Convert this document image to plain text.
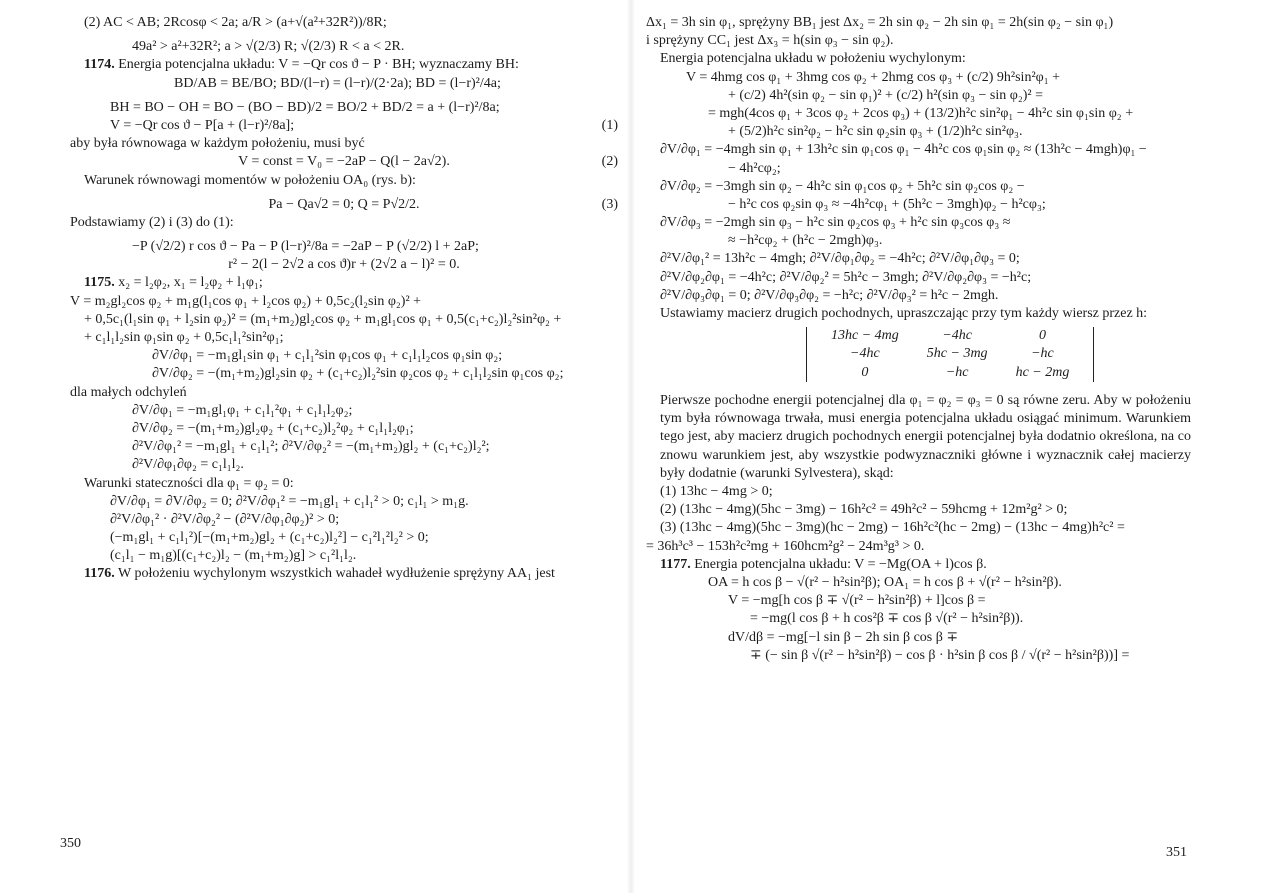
(2) AC < AB; 2Rcosφ < 2a; a/R > (a+√(a²+32R²))/8R;
49a² > a²+32R²; a > √(2/3) R; √(2/3) R < a < 2R.
1174. Energia potencjalna układu: V = −Qr cos ϑ − P · BH; wyznaczamy BH:
BD/AB = BE/BO; BD/(l−r) = (l−r)/(2·2a); BD = (l−r)²/4a;
BH = BO − OH = BO − (BO − BD)/2 = BO/2 + BD/2 = a + (l−r)²/8a;
V = −Qr cos ϑ − P[a + (l−r)²/8a];	(1)
aby była równowaga w każdym położeniu, musi być
V = const = V₀ = −2aP − Q(l − 2a√2).	(2)
Warunek równowagi momentów w położeniu OA₀ (rys. b):
Pa − Qa√2 = 0; Q = P√2/2.	(3)
Podstawiamy (2) i (3) do (1):
−P (√2/2) r cos ϑ − Pa − P (l−r)²/8a = −2aP − P (√2/2) l + 2aP;
r² − 2(l − 2√2 a cos ϑ)r + (2√2 a − l)² = 0.
1175. x₂ = l₂φ₂, x₁ = l₂φ₂ + l₁φ₁;
V = m₂gl₂cos φ₂ + m₁g(l₁cos φ₁ + l₂cos φ₂) + 0,5c₂(l₂sin φ₂)² +
+ 0,5c₁(l₁sin φ₁ + l₂sin φ₂)² = (m₁+m₂)gl₂cos φ₂ + m₁gl₁cos φ₁ + 0,5(c₁+c₂)l₂²sin²φ₂ +
+ c₁l₁l₂sin φ₁sin φ₂ + 0,5c₁l₁²sin²φ₁;
∂V/∂φ₁ = −m₁gl₁sin φ₁ + c₁l₁²sin φ₁cos φ₁ + c₁l₁l₂cos φ₁sin φ₂;
∂V/∂φ₂ = −(m₁+m₂)gl₂sin φ₂ + (c₁+c₂)l₂²sin φ₂cos φ₂ + c₁l₁l₂sin φ₁cos φ₂;
dla małych odchyleń
∂V/∂φ₁ = −m₁gl₁φ₁ + c₁l₁²φ₁ + c₁l₁l₂φ₂;
∂V/∂φ₂ = −(m₁+m₂)gl₂φ₂ + (c₁+c₂)l₂²φ₂ + c₁l₁l₂φ₁;
∂²V/∂φ₁² = −m₁gl₁ + c₁l₁²; ∂²V/∂φ₂² = −(m₁+m₂)gl₂ + (c₁+c₂)l₂²;
∂²V/∂φ₁∂φ₂ = c₁l₁l₂.
Warunki stateczności dla φ₁ = φ₂ = 0:
∂V/∂φ₁ = ∂V/∂φ₂ = 0; ∂²V/∂φ₁² = −m₁gl₁ + c₁l₁² > 0; c₁l₁ > m₁g.
∂²V/∂φ₁² · ∂²V/∂φ₂² − (∂²V/∂φ₁∂φ₂)² > 0;
(−m₁gl₁ + c₁l₁²)[−(m₁+m₂)gl₂ + (c₁+c₂)l₂²] − c₁²l₁²l₂² > 0;
(c₁l₁ − m₁g)[(c₁+c₂)l₂ − (m₁+m₂)g] > c₁²l₁l₂.
1176. W położeniu wychylonym wszystkich wahadeł wydłużenie sprężyny AA₁ jest
Δx₁ = 3h sin φ₁, sprężyny BB₁ jest Δx₂ = 2h sin φ₂ − 2h sin φ₁ = 2h(sin φ₂ − sin φ₁)
i sprężyny CC₁ jest Δx₃ = h(sin φ₃ − sin φ₂).
Energia potencjalna układu w położeniu wychylonym:
V = 4hmg cos φ₁ + 3hmg cos φ₂ + 2hmg cos φ₃ + (c/2) 9h²sin²φ₁ +
+ (c/2) 4h²(sin φ₂ − sin φ₁)² + (c/2) h²(sin φ₃ − sin φ₂)² =
= mgh(4cos φ₁ + 3cos φ₂ + 2cos φ₃) + (13/2)h²c sin²φ₁ − 4h²c sin φ₁sin φ₂ +
+ (5/2)h²c sin²φ₂ − h²c sin φ₂sin φ₃ + (1/2)h²c sin²φ₃.
∂V/∂φ₁ = −4mgh sin φ₁ + 13h²c sin φ₁cos φ₁ − 4h²c cos φ₁sin φ₂ ≈ (13h²c − 4mgh)φ₁ −
− 4h²cφ₂;
∂V/∂φ₂ = −3mgh sin φ₂ − 4h²c sin φ₁cos φ₂ + 5h²c sin φ₂cos φ₂ −
− h²c cos φ₂sin φ₃ ≈ −4h²cφ₁ + (5h²c − 3mgh)φ₂ − h²cφ₃;
∂V/∂φ₃ = −2mgh sin φ₃ − h²c sin φ₂cos φ₃ + h²c sin φ₃cos φ₃ ≈
≈ −h²cφ₂ + (h²c − 2mgh)φ₃.
∂²V/∂φ₁² = 13h²c − 4mgh; ∂²V/∂φ₁∂φ₂ = −4h²c; ∂²V/∂φ₁∂φ₃ = 0;
∂²V/∂φ₂∂φ₁ = −4h²c; ∂²V/∂φ₂² = 5h²c − 3mgh; ∂²V/∂φ₂∂φ₃ = −h²c;
∂²V/∂φ₃∂φ₁ = 0; ∂²V/∂φ₃∂φ₂ = −h²c; ∂²V/∂φ₃² = h²c − 2mgh.
Ustawiamy macierz drugich pochodnych, upraszczając przy tym każdy wiersz przez h:
13hc − 4mg	−4hc	0
−4hc	5hc − 3mg	−hc
0	−hc	hc − 2mg
Pierwsze pochodne energii potencjalnej dla φ₁ = φ₂ = φ₃ = 0 są równe zeru. Aby w położeniu tym była równowaga trwała, musi energia potencjalna układu osiągać minimum. Warunkiem tego jest, aby macierz drugich pochodnych energii potencjalnej była dodatnio określona, na co znowu warunkiem jest, aby wszystkie podwyznaczniki główne i wyznacznik całej macierzy były dodatnie (warunki Sylvestera), skąd:
(1) 13hc − 4mg > 0;
(2) (13hc − 4mg)(5hc − 3mg) − 16h²c² = 49h²c² − 59hcmg + 12m²g² > 0;
(3) (13hc − 4mg)(5hc − 3mg)(hc − 2mg) − 16h²c²(hc − 2mg) − (13hc − 4mg)h²c² =
= 36h³c³ − 153h²c²mg + 160hcm²g² − 24m³g³ > 0.
1177. Energia potencjalna układu: V = −Mg(OA + l)cos β.
OA = h cos β − √(r² − h²sin²β); OA₁ = h cos β + √(r² − h²sin²β).
V = −mg[h cos β ∓ √(r² − h²sin²β) + l]cos β =
= −mg(l cos β + h cos²β ∓ cos β √(r² − h²sin²β)).
dV/dβ = −mg[−l sin β − 2h sin β cos β ∓
∓ (− sin β √(r² − h²sin²β) − cos β · h²sin β cos β / √(r² − h²sin²β))] =
350
351
